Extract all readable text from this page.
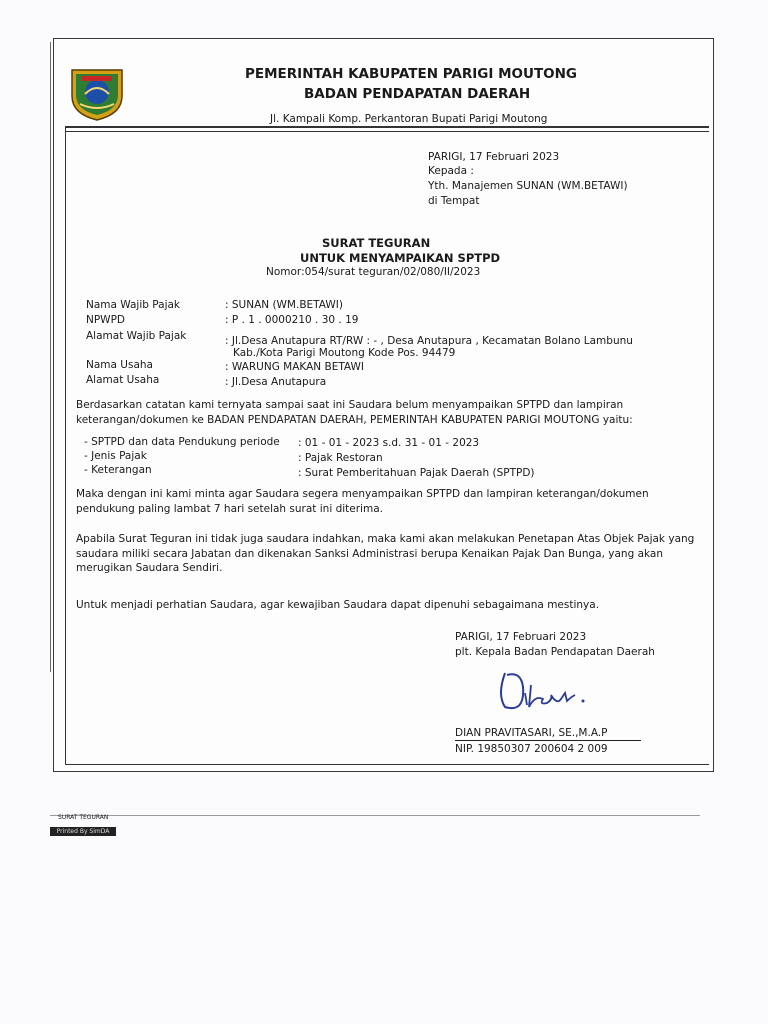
PEMERINTAH KABUPATEN PARIGI MOUTONG
BADAN PENDAPATAN DAERAH
Jl. Kampali Komp. Perkantoran Bupati Parigi Moutong
PARIGI, 17 Februari 2023
Kepada :
Yth. Manajemen SUNAN (WM.BETAWI)
di Tempat
SURAT TEGURAN
UNTUK MENYAMPAIKAN SPTPD
Nomor:054/surat teguran/02/080/II/2023
Nama Wajib Pajak	: SUNAN (WM.BETAWI)
NPWPD	: P . 1 . 0000210 . 30 . 19
Alamat Wajib Pajak	: Jl.Desa Anutapura RT/RW : - , Desa Anutapura , Kecamatan Bolano Lambunu
Kab./Kota Parigi Moutong Kode Pos. 94479
Nama Usaha	: WARUNG MAKAN BETAWI
Alamat Usaha	: Jl.Desa Anutapura
Berdasarkan catatan kami ternyata sampai saat ini Saudara belum menyampaikan SPTPD dan lampiran keterangan/dokumen ke BADAN PENDAPATAN DAERAH, PEMERINTAH KABUPATEN PARIGI MOUTONG yaitu:
- SPTPD dan data Pendukung periode : 01 - 01 - 2023 s.d. 31 - 01 - 2023
- Jenis Pajak	: Pajak Restoran
- Keterangan	: Surat Pemberitahuan Pajak Daerah (SPTPD)
Maka dengan ini kami minta agar Saudara segera menyampaikan SPTPD dan lampiran keterangan/dokumen pendukung paling lambat 7 hari setelah surat ini diterima.
Apabila Surat Teguran ini tidak juga saudara indahkan, maka kami akan melakukan Penetapan Atas Objek Pajak yang saudara miliki secara Jabatan dan dikenakan Sanksi Administrasi berupa Kenaikan Pajak Dan Bunga, yang akan merugikan Saudara Sendiri.
Untuk menjadi perhatian Saudara, agar kewajiban Saudara dapat dipenuhi sebagaimana mestinya.
PARIGI, 17 Februari 2023
plt. Kepala Badan Pendapatan Daerah
DIAN PRAVITASARI, SE.,M.A.P
NIP. 19850307 200604 2 009
SURAT TEGURAN
Printed By SimDA
